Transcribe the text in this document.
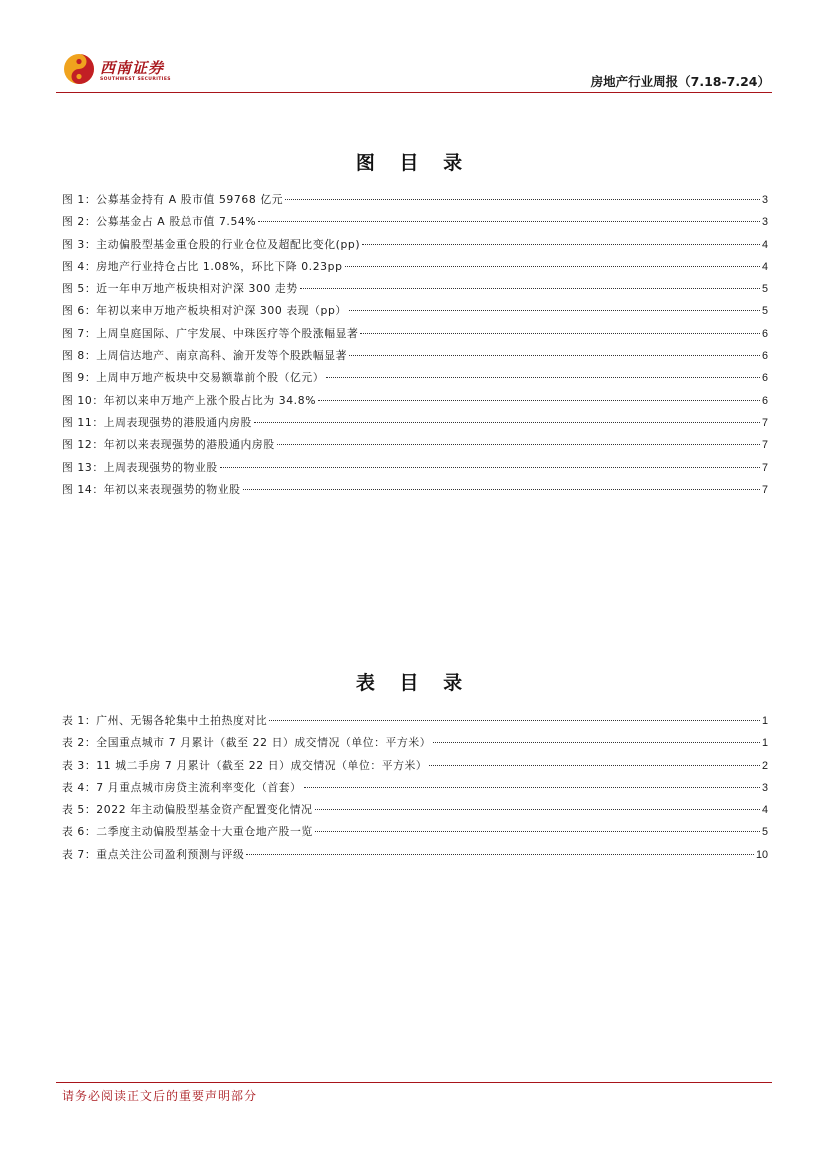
西南证券
SOUTHWEST SECURITIES	房地产行业周报（7.18-7.24）
图 目 录
图 1：公募基金持有 A 股市值 59768 亿元	3
图 2：公募基金占 A 股总市值 7.54%	3
图 3：主动偏股型基金重仓股的行业仓位及超配比变化(pp)	4
图 4：房地产行业持仓占比 1.08%，环比下降 0.23pp	4
图 5：近一年申万地产板块相对沪深 300 走势	5
图 6：年初以来申万地产板块相对沪深 300 表现（pp）	5
图 7：上周皇庭国际、广宇发展、中珠医疗等个股涨幅显著	6
图 8：上周信达地产、南京高科、渝开发等个股跌幅显著	6
图 9：上周申万地产板块中交易额靠前个股（亿元）	6
图 10：年初以来申万地产上涨个股占比为 34.8%	6
图 11：上周表现强势的港股通内房股	7
图 12：年初以来表现强势的港股通内房股	7
图 13：上周表现强势的物业股	7
图 14：年初以来表现强势的物业股	7
表 目 录
表 1：广州、无锡各轮集中土拍热度对比	1
表 2：全国重点城市 7 月累计（截至 22 日）成交情况（单位：平方米）	1
表 3：11 城二手房 7 月累计（截至 22 日）成交情况（单位：平方米）	2
表 4：7 月重点城市房贷主流利率变化（首套）	3
表 5：2022 年主动偏股型基金资产配置变化情况	4
表 6：二季度主动偏股型基金十大重仓地产股一览	5
表 7：重点关注公司盈利预测与评级	10
请务必阅读正文后的重要声明部分
